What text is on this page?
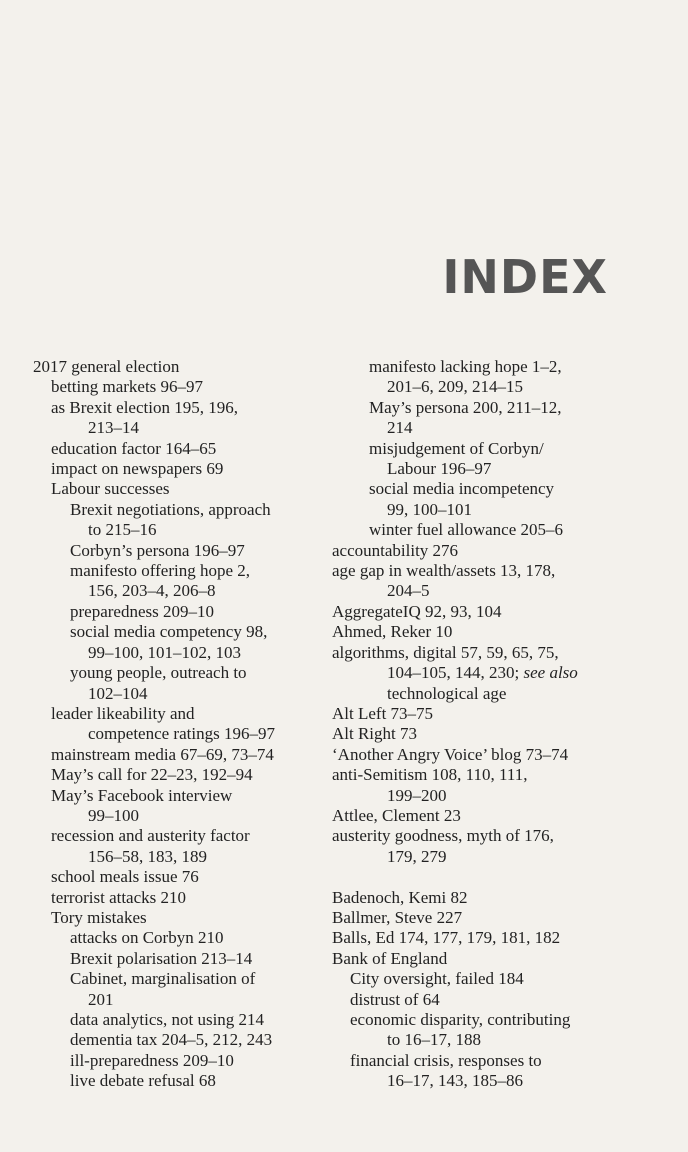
INDEX
2017 general election
betting markets 96–97
as Brexit election 195, 196,
213–14
education factor 164–65
impact on newspapers 69
Labour successes
Brexit negotiations, approach
to 215–16
Corbyn’s persona 196–97
manifesto offering hope 2,
156, 203–4, 206–8
preparedness 209–10
social media competency 98,
99–100, 101–102, 103
young people, outreach to
102–104
leader likeability and
competence ratings 196–97
mainstream media 67–69, 73–74
May’s call for 22–23, 192–94
May’s Facebook interview
99–100
recession and austerity factor
156–58, 183, 189
school meals issue 76
terrorist attacks 210
Tory mistakes
attacks on Corbyn 210
Brexit polarisation 213–14
Cabinet, marginalisation of
201
data analytics, not using 214
dementia tax 204–5, 212, 243
ill-preparedness 209–10
live debate refusal 68
manifesto lacking hope 1–2,
201–6, 209, 214–15
May’s persona 200, 211–12,
214
misjudgement of Corbyn/
Labour 196–97
social media incompetency
99, 100–101
winter fuel allowance 205–6
accountability 276
age gap in wealth/assets 13, 178,
204–5
AggregateIQ 92, 93, 104
Ahmed, Reker 10
algorithms, digital 57, 59, 65, 75,
104–105, 144, 230; see also
technological age
Alt Left 73–75
Alt Right 73
‘Another Angry Voice’ blog 73–74
anti-Semitism 108, 110, 111,
199–200
Attlee, Clement 23
austerity goodness, myth of 176,
179, 279
Badenoch, Kemi 82
Ballmer, Steve 227
Balls, Ed 174, 177, 179, 181, 182
Bank of England
City oversight, failed 184
distrust of 64
economic disparity, contributing
to 16–17, 188
financial crisis, responses to
16–17, 143, 185–86
